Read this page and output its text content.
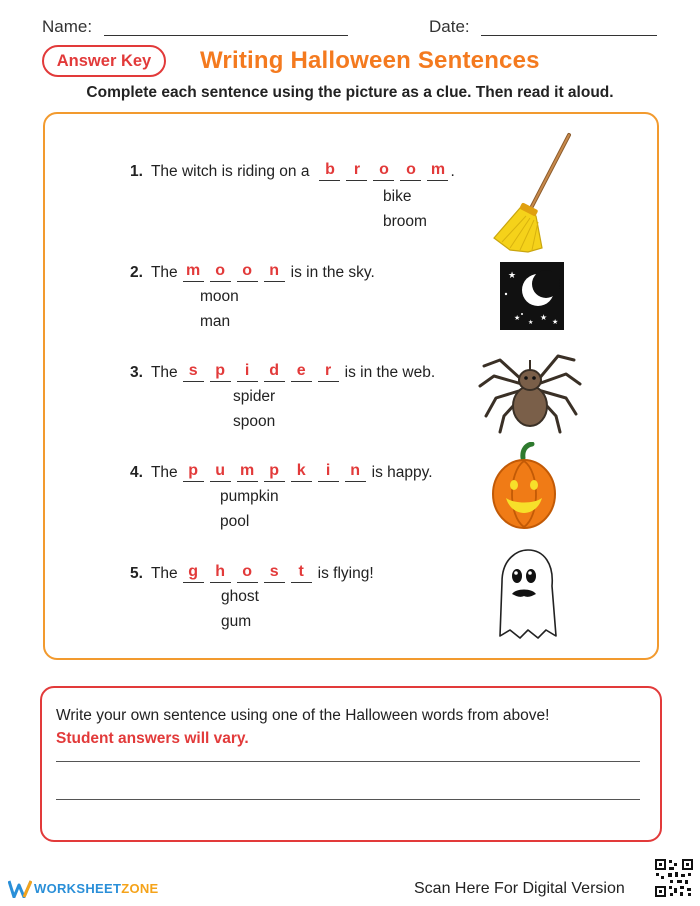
Name:	Date:
Answer Key	Writing Halloween Sentences
Complete each sentence using the picture as a clue. Then read it aloud.
1. The witch is riding on a b	r	o	o m .
bike
broom
2. The m o	o	n is in the sky.
moon
man
3. The s	p	i	d	e	r is in the web.
spider
spoon
4. The p	u m p	k	i	n is happy.
pumpkin
pool
5. The g	h	o	s	t is flying!
ghost
gum
★
★
★
★ ★
Write your own sentence using one of the Halloween words from above!
Student answers will vary.
WORKSHEETZONE	Scan Here For Digital Version
